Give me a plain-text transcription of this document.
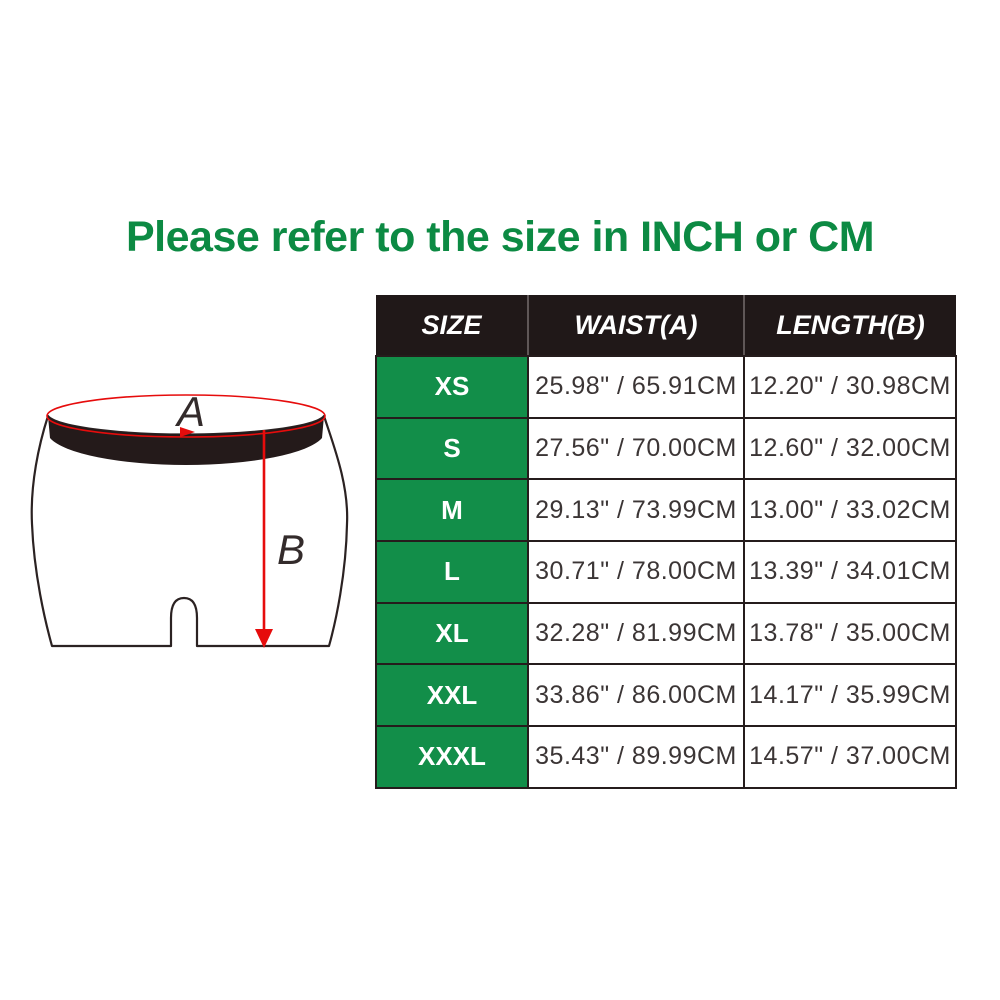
Please refer to the size in INCH or CM
A
B
SIZE	WAIST(A)	LENGTH(B)
XS	25.98" / 65.91CM	12.20" / 30.98CM
S	27.56" / 70.00CM	12.60" / 32.00CM
M	29.13" / 73.99CM	13.00" / 33.02CM
L	30.71" / 78.00CM	13.39" / 34.01CM
XL	32.28" / 81.99CM	13.78" / 35.00CM
XXL	33.86" / 86.00CM	14.17" / 35.99CM
XXXL	35.43" / 89.99CM	14.57" / 37.00CM
